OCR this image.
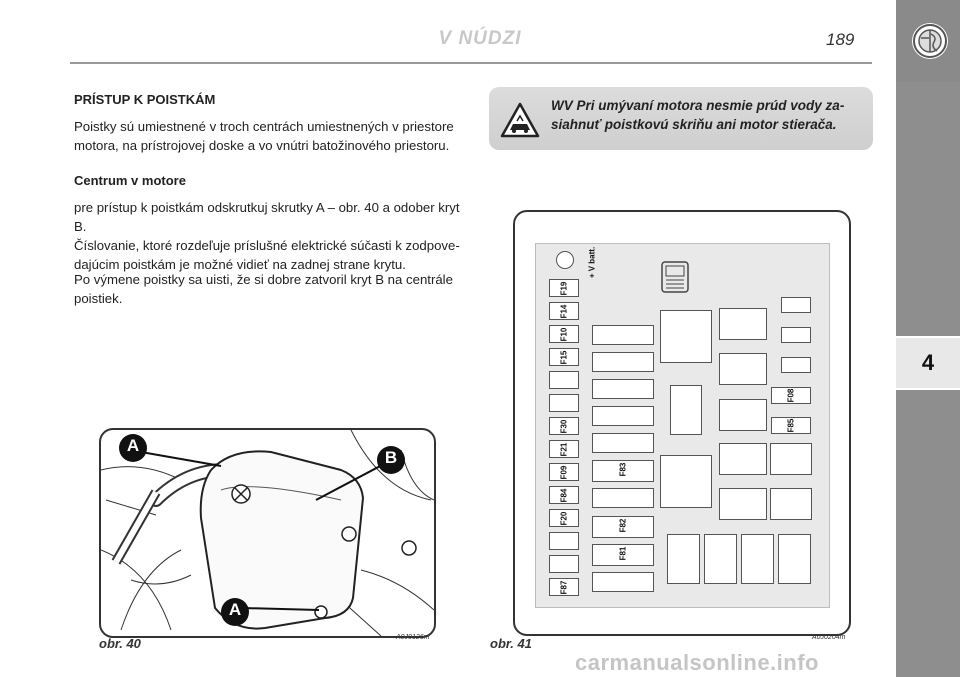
V NÚDZI	189
4
PRÍSTUP K POISTKÁM
Poistky sú umiestnené v troch centrách umiestnených v priestore motora, na prístrojovej doske a vo vnútri batožinového priestoru.
Centrum v motore
pre prístup k poistkám odskrutkuj skrutky A – obr. 40 a odober kryt B.
Číslovanie, ktoré rozdeľuje príslušné elektrické súčasti k zodpove-dajúcim poistkám je možné vidieť na zadnej strane krytu.
Po výmene poistky sa uisti, že si dobre zatvoril kryt B na centrále poistiek.
WV Pri umývaní motora nesmie prúd vody za-siahnuť poistkovú skriňu ani motor stierača.
A
B
A
obr. 40	A0J0126m
+ V batt.
F19
F14
F10
F15
F30
F21
F09
F84
F20
F87
F83
F82
F81
F08
F85
obr. 41	A0J0204m
carmanualsonline.info
